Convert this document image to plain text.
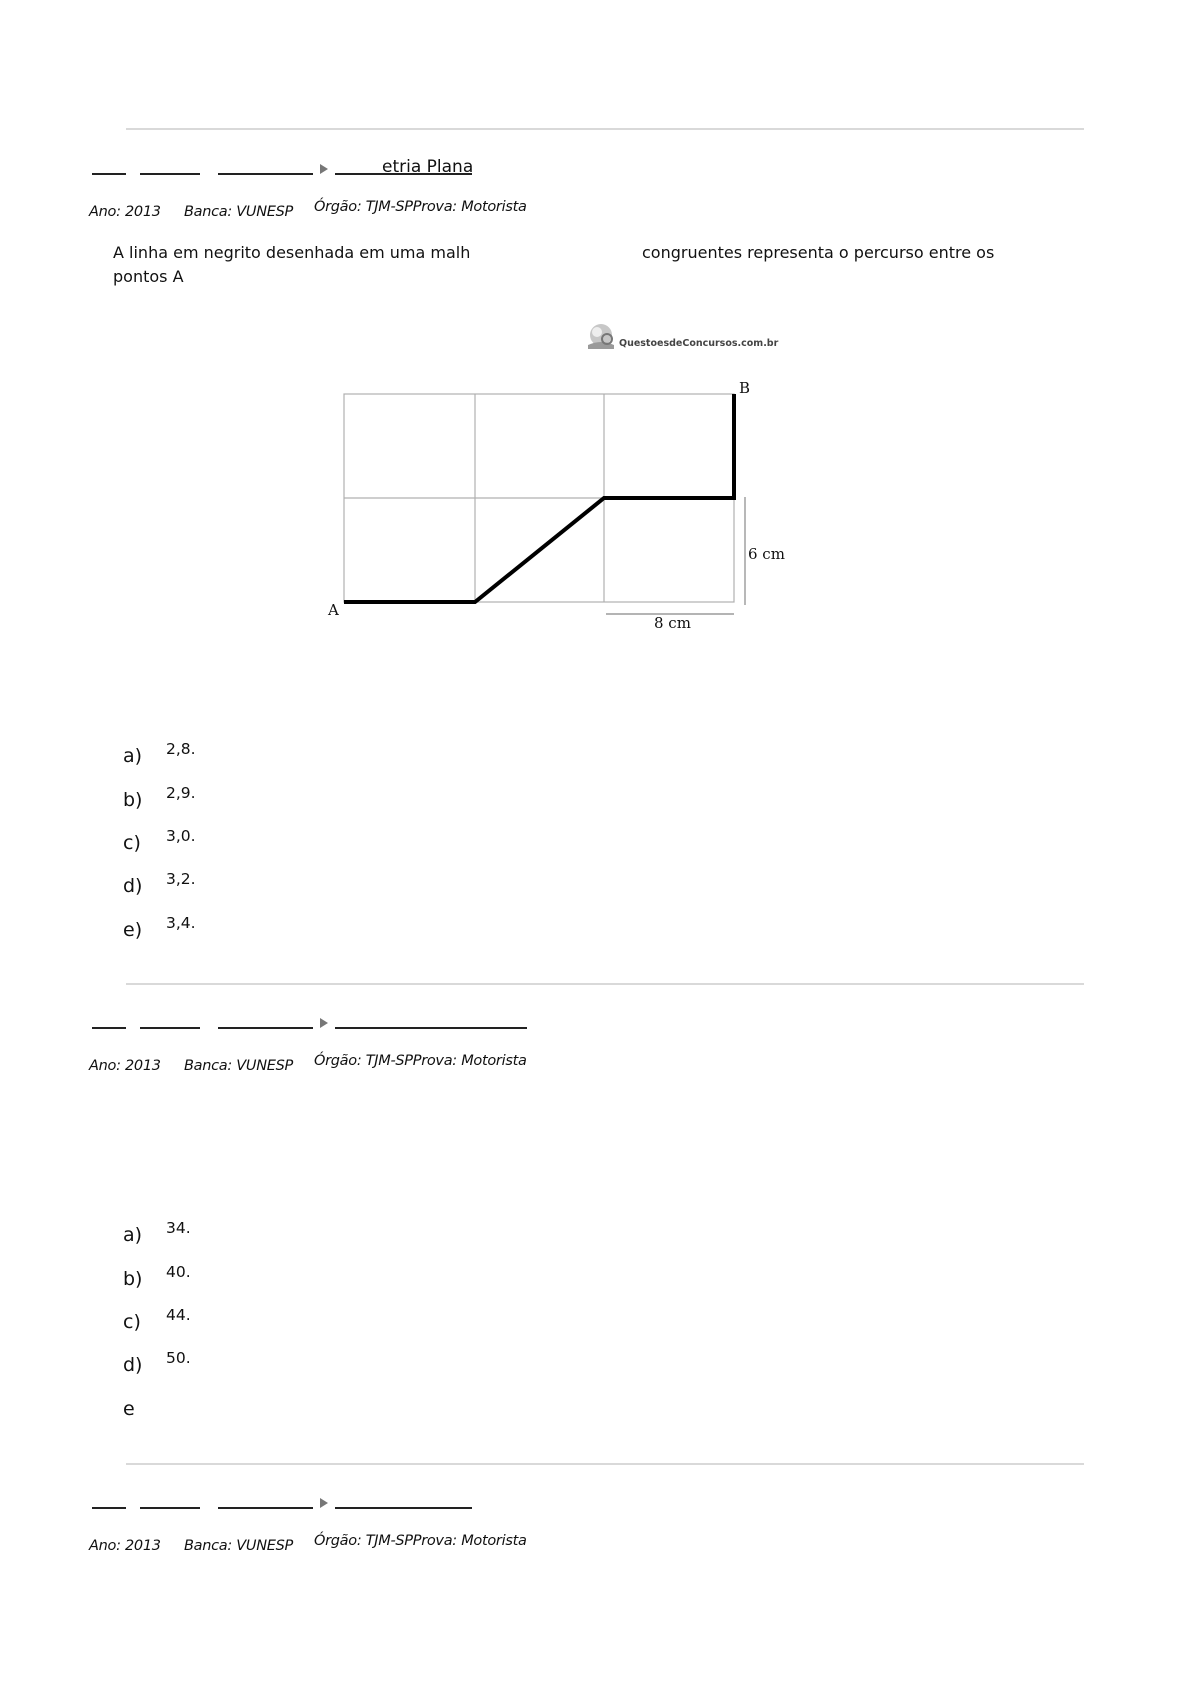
etria Plana
Ano: 2013 Banca: VUNESP Órgão: TJM-SPProva: Motorista
A linha em negrito desenhada em uma malh	congruentes representa o percurso entre os
pontos A
QuestoesdeConcursos.com.br
B
A
6 cm
8 cm
a) 2,8.
b) 2,9.
c) 3,0.
d) 3,2.
e) 3,4.
Ano: 2013 Banca: VUNESP Órgão: TJM-SPProva: Motorista
a) 34.
b) 40.
c) 44.
d) 50.
e
Ano: 2013 Banca: VUNESP Órgão: TJM-SPProva: Motorista
